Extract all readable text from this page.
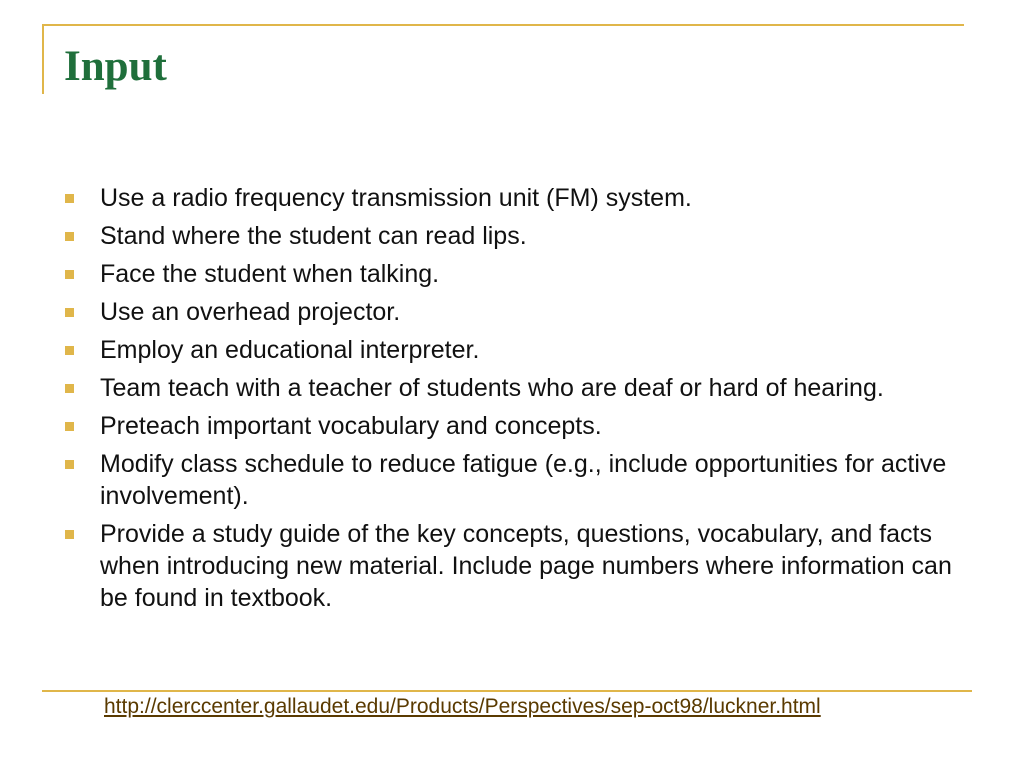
Input
Use a radio frequency transmission unit (FM) system.
Stand where the student can read lips.
Face the student when talking.
Use an overhead projector.
Employ an educational interpreter.
Team teach with a teacher of students who are deaf or hard of hearing.
Preteach important vocabulary and concepts.
Modify class schedule to reduce fatigue (e.g., include opportunities for active involvement).
Provide a study guide of the key concepts, questions, vocabulary, and facts when introducing new material. Include page numbers where information can be found in textbook.
http://clerccenter.gallaudet.edu/Products/Perspectives/sep-oct98/luckner.html
